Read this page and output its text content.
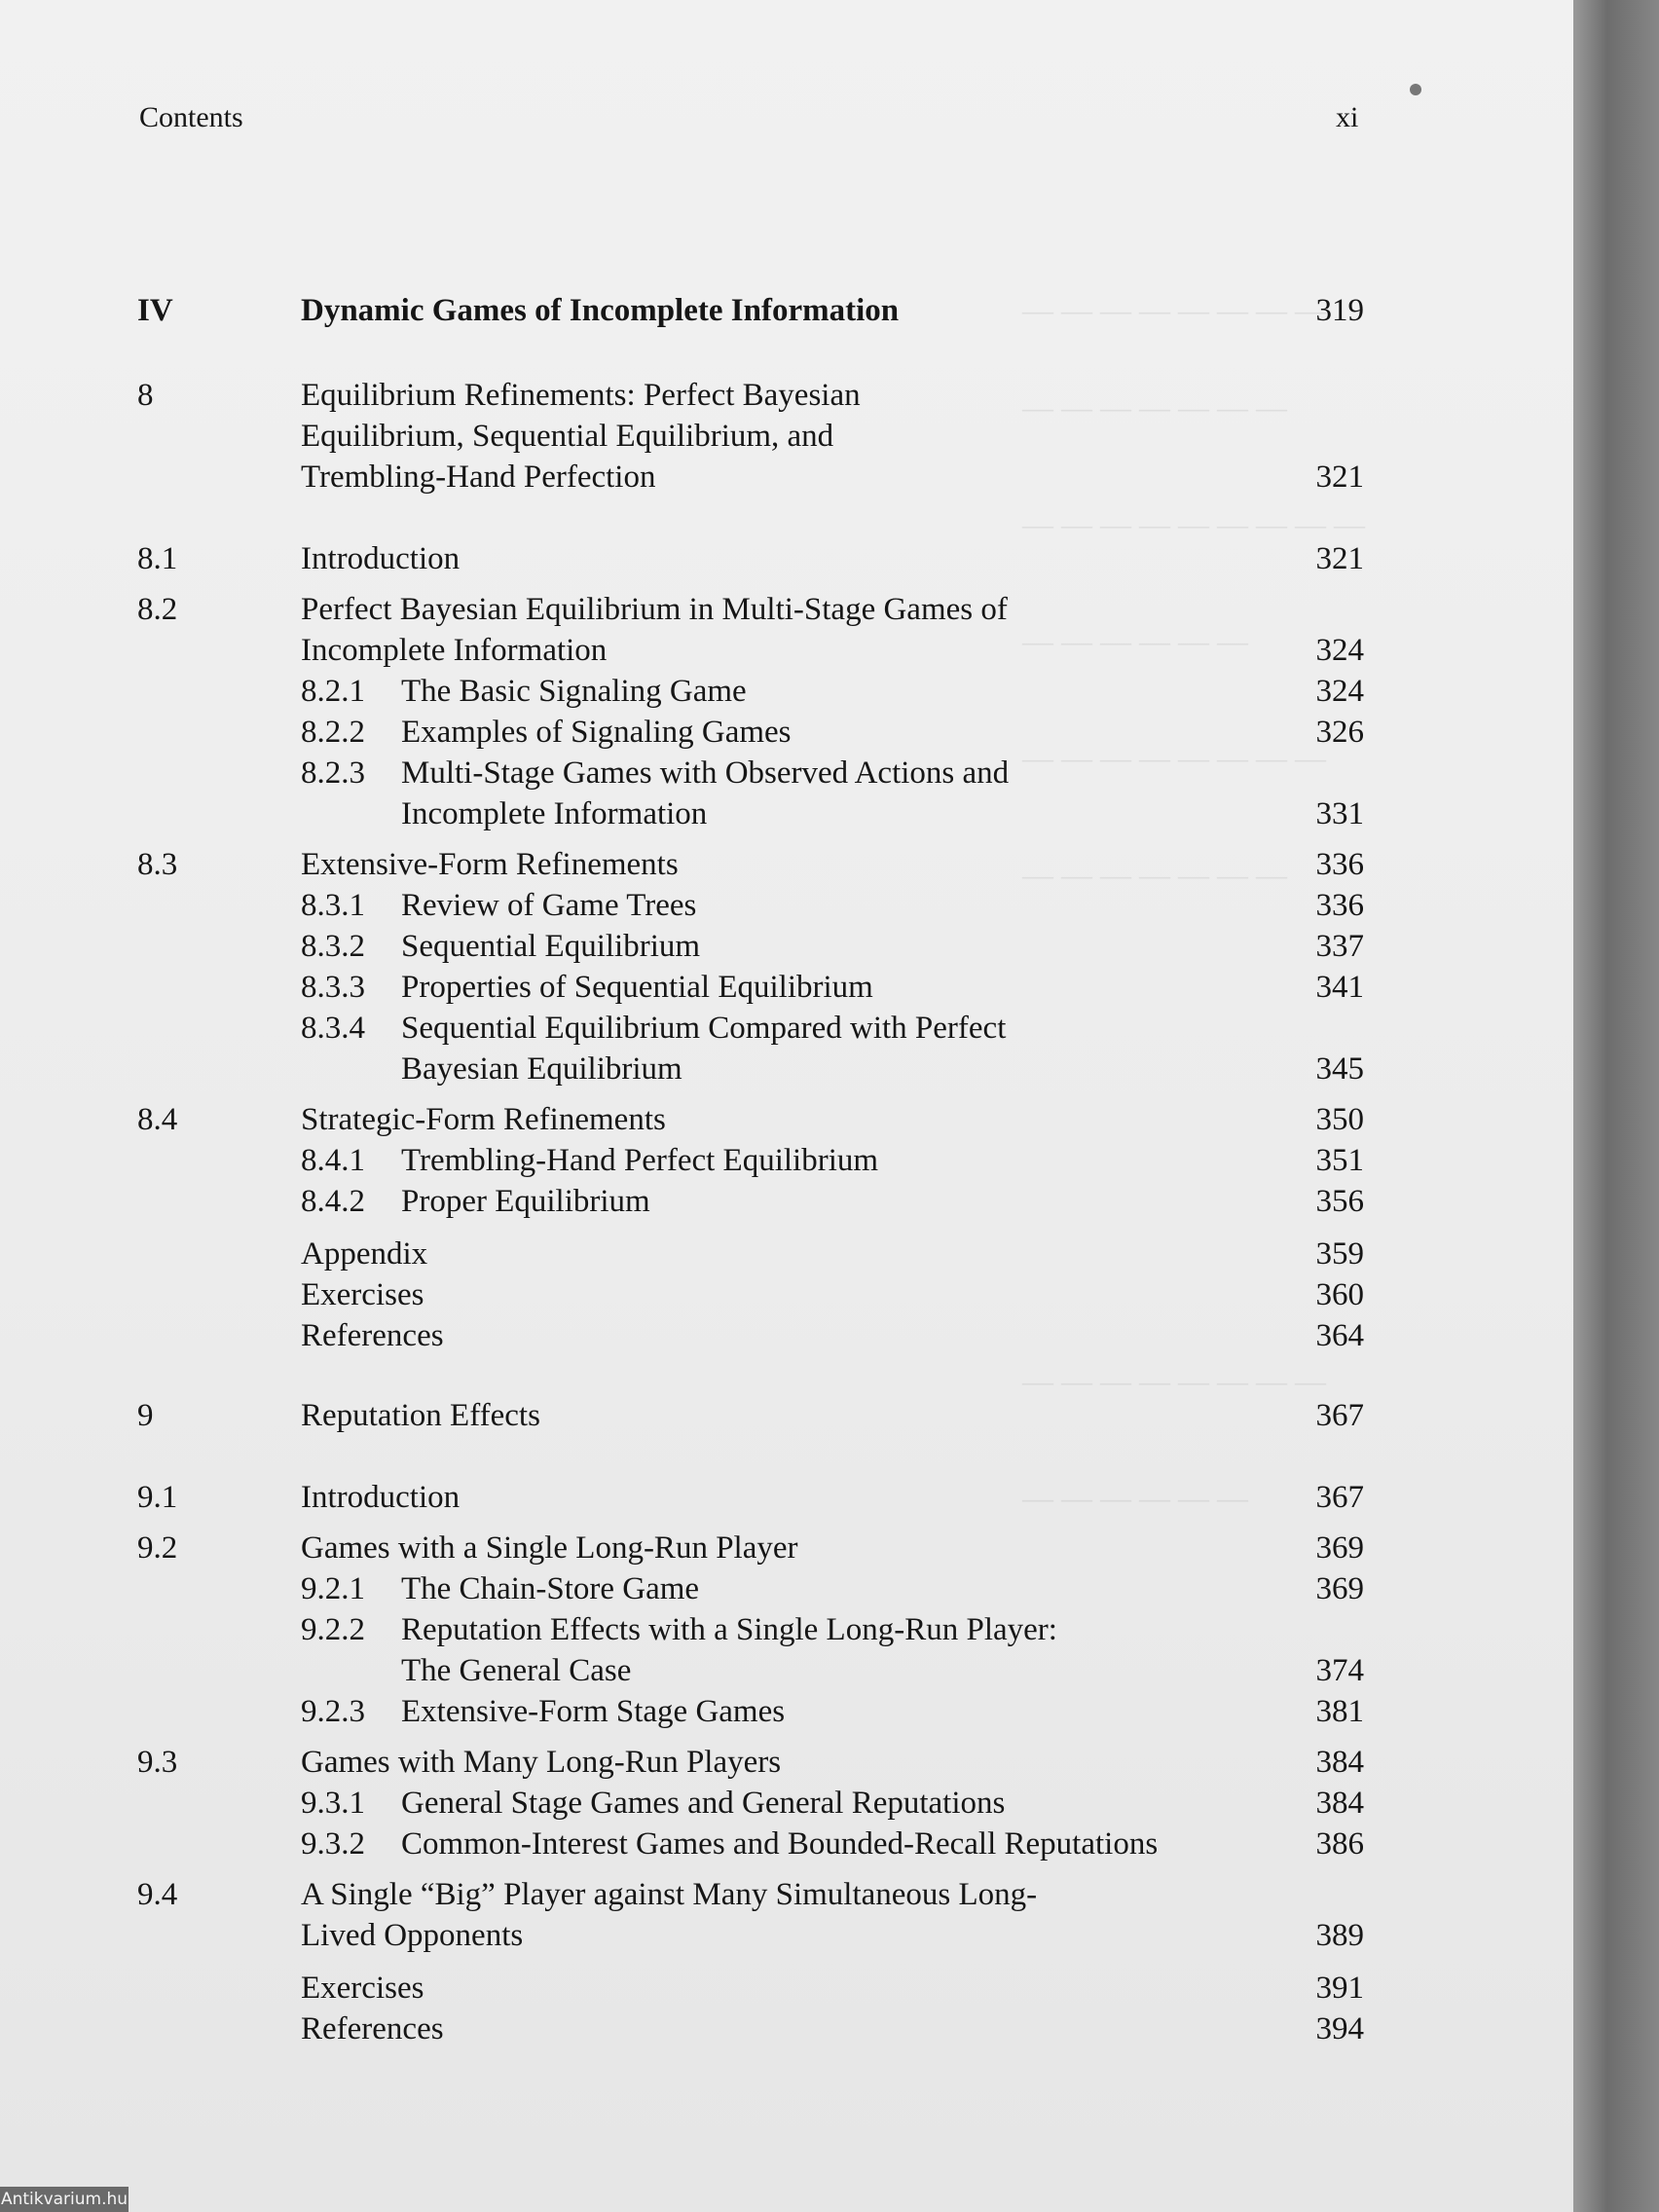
— — — — — — — —
— — — — — — —
— — — — — — — — —
— — — — — —
— — — — — — — —
— — — — — — —
— — — — — — — —
— — — — — —
Contents	xi
IV	Dynamic Games of Incomplete Information	319
8	Equilibrium Refinements: Perfect Bayesian
Equilibrium, Sequential Equilibrium, and
Trembling-Hand Perfection	321
8.1	Introduction	321
8.2	Perfect Bayesian Equilibrium in Multi-Stage Games of
Incomplete Information	324
8.2.1 The Basic Signaling Game	324
8.2.2 Examples of Signaling Games	326
8.2.3 Multi-Stage Games with Observed Actions and
Incomplete Information	331
8.3	Extensive-Form Refinements	336
8.3.1 Review of Game Trees	336
8.3.2 Sequential Equilibrium	337
8.3.3 Properties of Sequential Equilibrium	341
8.3.4 Sequential Equilibrium Compared with Perfect
Bayesian Equilibrium	345
8.4	Strategic-Form Refinements	350
8.4.1 Trembling-Hand Perfect Equilibrium	351
8.4.2 Proper Equilibrium	356
Appendix	359
Exercises	360
References	364
9	Reputation Effects	367
9.1	Introduction	367
9.2	Games with a Single Long-Run Player	369
9.2.1 The Chain-Store Game	369
9.2.2 Reputation Effects with a Single Long-Run Player:
The General Case	374
9.2.3 Extensive-Form Stage Games	381
9.3	Games with Many Long-Run Players	384
9.3.1 General Stage Games and General Reputations	384
9.3.2 Common-Interest Games and Bounded-Recall Reputations	386
9.4	A Single “Big” Player against Many Simultaneous Long-
Lived Opponents	389
Exercises	391
References	394
Antikvarium.hu
